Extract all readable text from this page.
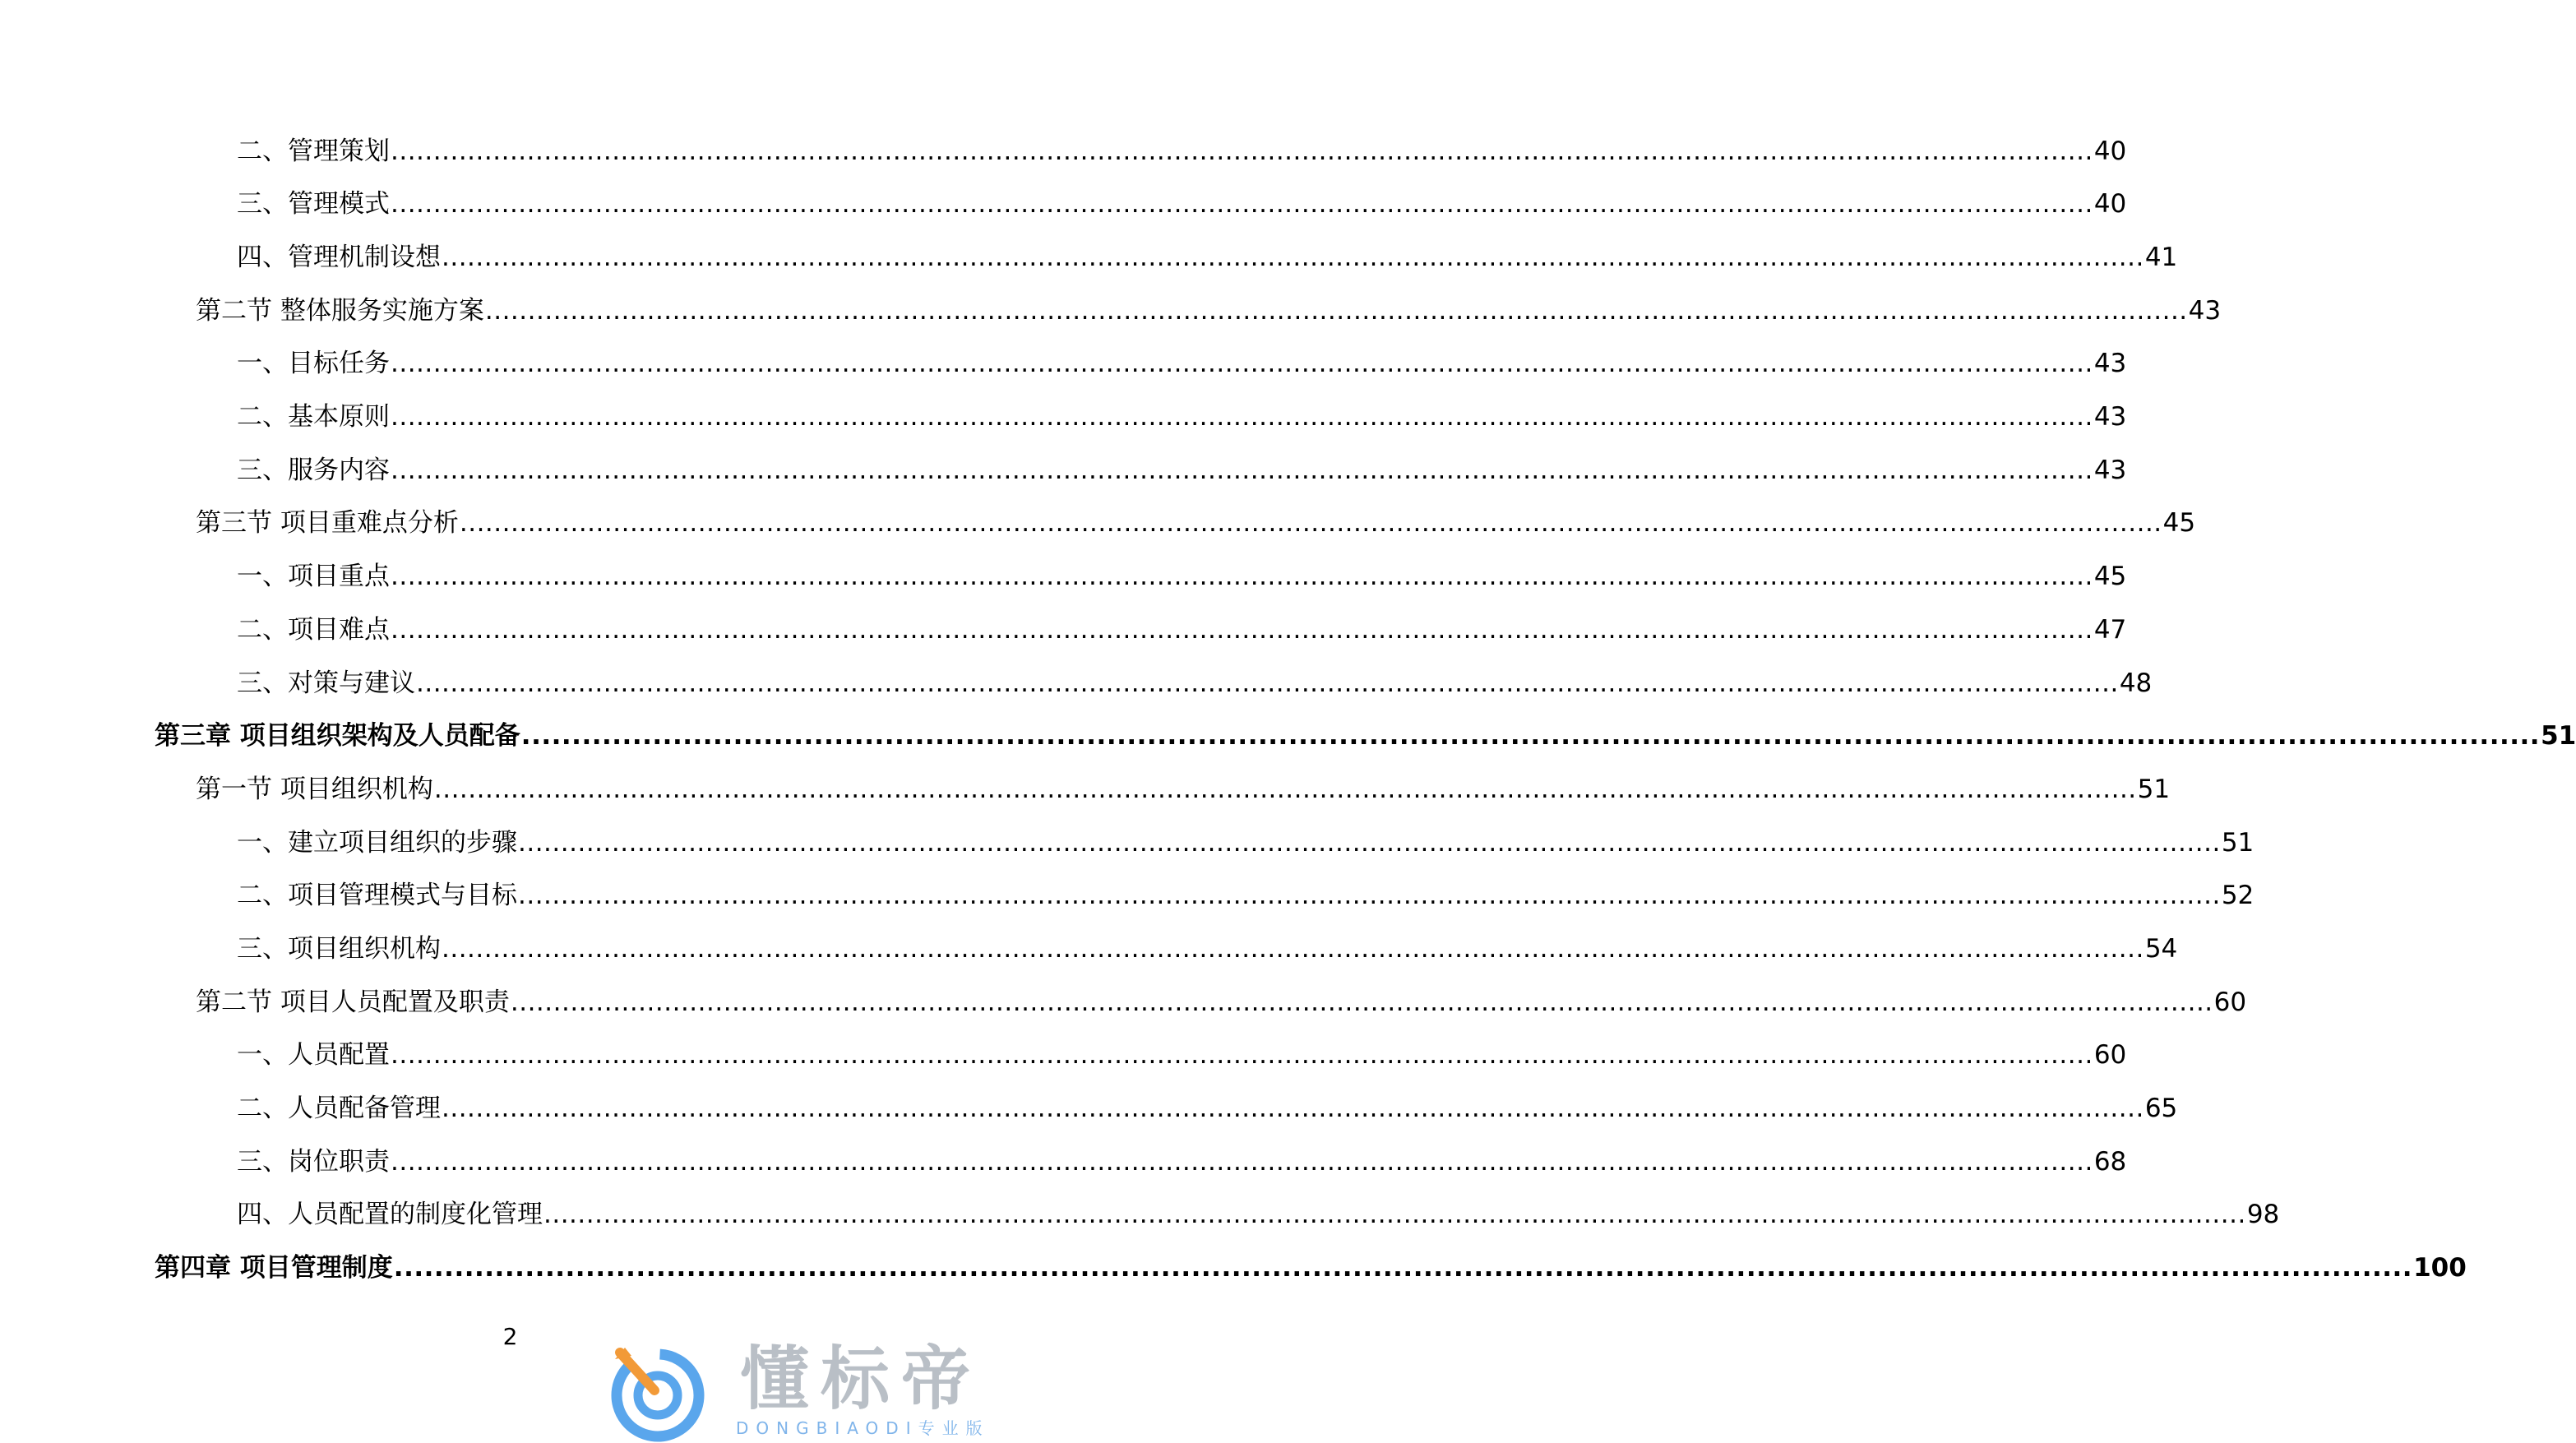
二、管理策划 ........................................................................................................................................................................................................ 40
三、管理模式 ........................................................................................................................................................................................................ 40
四、管理机制设想 ........................................................................................................................................................................................................ 41
第二节 整体服务实施方案 ........................................................................................................................................................................................................ 43
一、目标任务 ........................................................................................................................................................................................................ 43
二、基本原则 ........................................................................................................................................................................................................ 43
三、服务内容 ........................................................................................................................................................................................................ 43
第三节 项目重难点分析 ........................................................................................................................................................................................................ 45
一、项目重点 ........................................................................................................................................................................................................ 45
二、项目难点 ........................................................................................................................................................................................................ 47
三、对策与建议 ........................................................................................................................................................................................................ 48
第三章 项目组织架构及人员配备 ........................................................................................................................................................................................................ 51
第一节 项目组织机构 ........................................................................................................................................................................................................ 51
一、建立项目组织的步骤 ........................................................................................................................................................................................................ 51
二、项目管理模式与目标 ........................................................................................................................................................................................................ 52
三、项目组织机构 ........................................................................................................................................................................................................ 54
第二节 项目人员配置及职责 ........................................................................................................................................................................................................ 60
一、人员配置 ........................................................................................................................................................................................................ 60
二、人员配备管理 ........................................................................................................................................................................................................ 65
三、岗位职责 ........................................................................................................................................................................................................ 68
四、人员配置的制度化管理 ........................................................................................................................................................................................................ 98
第四章 项目管理制度 ........................................................................................................................................................................................................ 100
2
懂标帝
DONGBIAODI专业版
